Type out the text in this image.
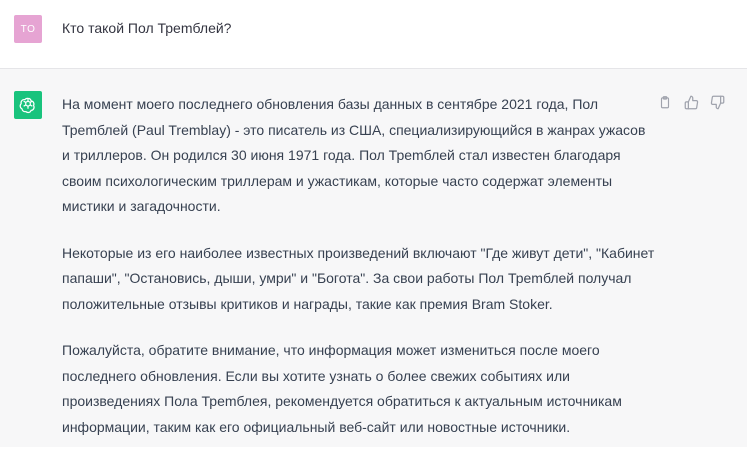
TO	Кто такой Пол Трemблей?

На момент моего последнего обновления базы данных в сентябре 2021 года, Пол Трemблей (Paul Tremblay) - это писатель из США, специализирующийся в жанрах ужасов и триллеров. Он родился 30 июня 1971 года. Пол Трemблей стал известен благодаря своим психологическим триллерам и ужастикам, которые часто содержат элементы мистики и загадочности.

Некоторые из его наиболее известных произведений включают "Где живут дети", "Кабинет папаши", "Остановись, дыши, умри" и "Богота". За свои работы Пол Трemблей получал положительные отзывы критиков и награды, такие как премия Bram Stoker.

Пожалуйста, обратите внимание, что информация может измениться после моего последнего обновления. Если вы хотите узнать о более свежих событиях или произведениях Пола Трemблея, рекомендуется обратиться к актуальным источникам информации, таким как его официальный веб-сайт или новостные источники.
